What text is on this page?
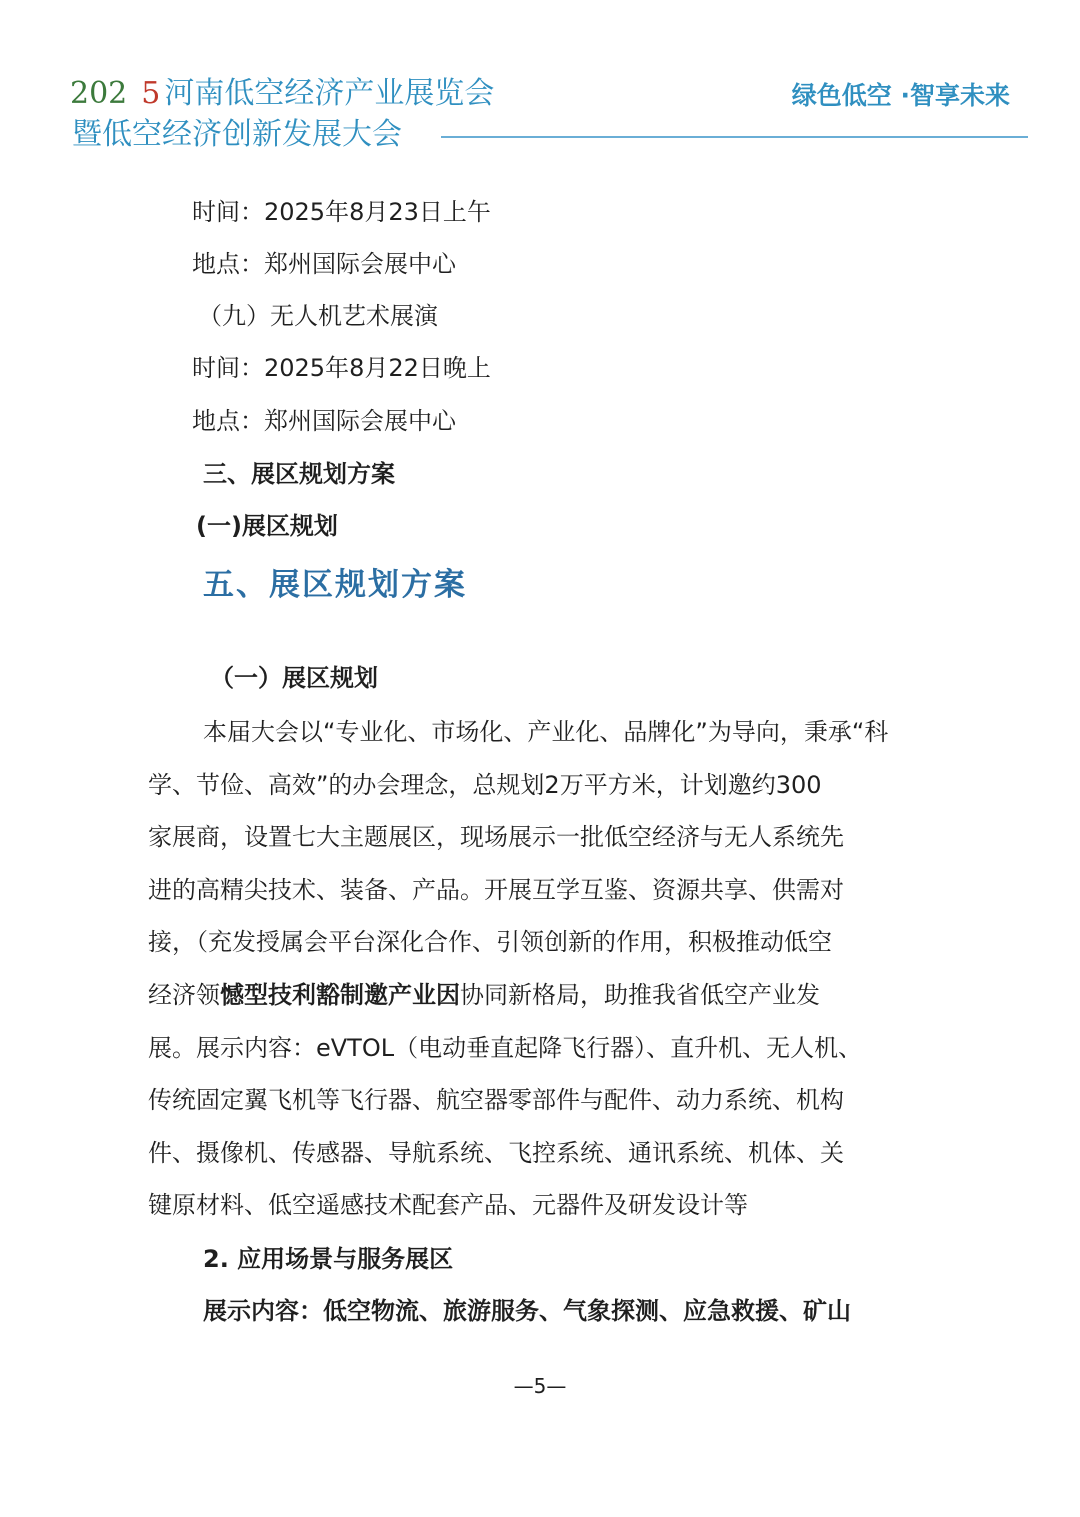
202 5 河南低空经济产业展览会
暨低空经济创新发展大会
绿色低空 ·智享未来
时间：2025年8月23日上午
地点：郑州国际会展中心
（九）无人机艺术展演
时间：2025年8月22日晚上
地点：郑州国际会展中心
三、展区规划方案
(一)展区规划
五、展区规划方案
（一）展区规划
本届大会以“专业化、市场化、产业化、品牌化”为导向，秉承“科
学、节俭、高效”的办会理念，总规划2万平方米，计划邀约300
家展商，设置七大主题展区，现场展示一批低空经济与无人系统先
进的高精尖技术、装备、产品。开展互学互鉴、资源共享、供需对
接，（充发授属会平台深化合作、引领创新的作用，积极推动低空
经济领憾型技利豁制邀产业因协同新格局，助推我省低空产业发
展。展示内容：eVTOL（电动垂直起降飞行器）、直升机、无人机、
传统固定翼飞机等飞行器、航空器零部件与配件、动力系统、机构
件、摄像机、传感器、导航系统、飞控系统、通讯系统、机体、关
键原材料、低空遥感技术配套产品、元器件及研发设计等
2. 应用场景与服务展区
展示内容：低空物流、旅游服务、气象探测、应急救援、矿山
—5—
